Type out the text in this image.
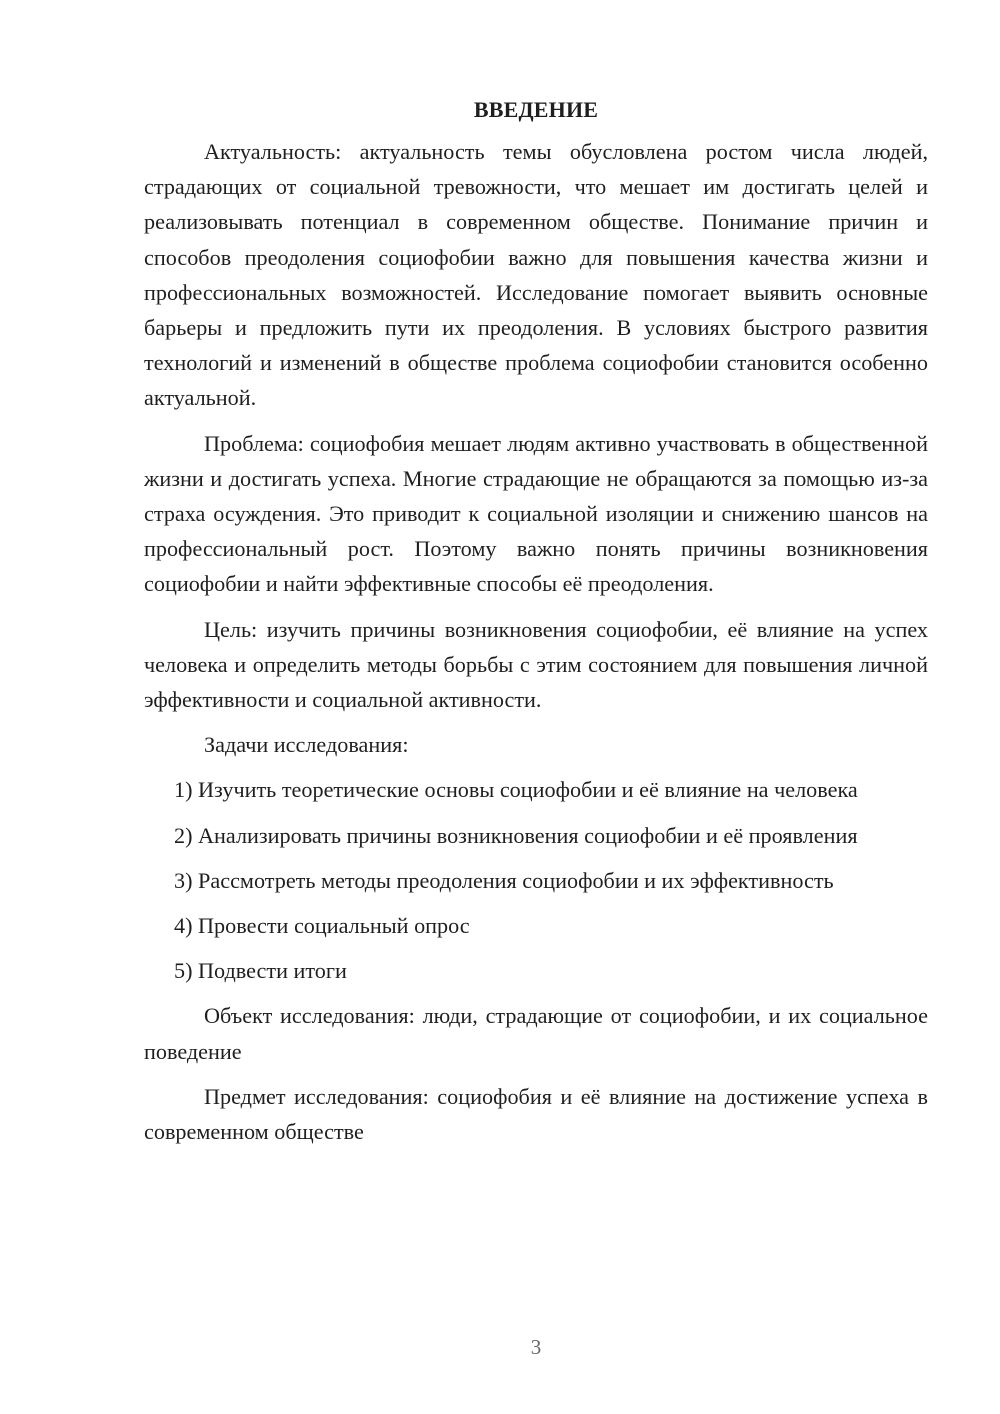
ВВЕДЕНИЕ

Актуальность: актуальность темы обусловлена ростом числа людей, страдающих от социальной тревожности, что мешает им достигать целей и реализовывать потенциал в современном обществе. Понимание причин и способов преодоления социофобии важно для повышения качества жизни и профессиональных возможностей. Исследование помогает выявить основные барьеры и предложить пути их преодоления. В условиях быстрого развития технологий и изменений в обществе проблема социофобии становится особенно актуальной.

Проблема: социофобия мешает людям активно участвовать в общественной жизни и достигать успеха. Многие страдающие не обращаются за помощью из-за страха осуждения. Это приводит к социальной изоляции и снижению шансов на профессиональный рост. Поэтому важно понять причины возникновения социофобии и найти эффективные способы её преодоления.

Цель: изучить причины возникновения социофобии, её влияние на успех человека и определить методы борьбы с этим состоянием для повышения личной эффективности и социальной активности.

Задачи исследования:

1) Изучить теоретические основы социофобии и её влияние на человека

2) Анализировать причины возникновения социофобии и её проявления

3) Рассмотреть методы преодоления социофобии и их эффективность

4) Провести социальный опрос

5) Подвести итоги

Объект исследования: люди, страдающие от социофобии, и их социальное поведение

Предмет исследования: социофобия и её влияние на достижение успеха в современном обществе

3
